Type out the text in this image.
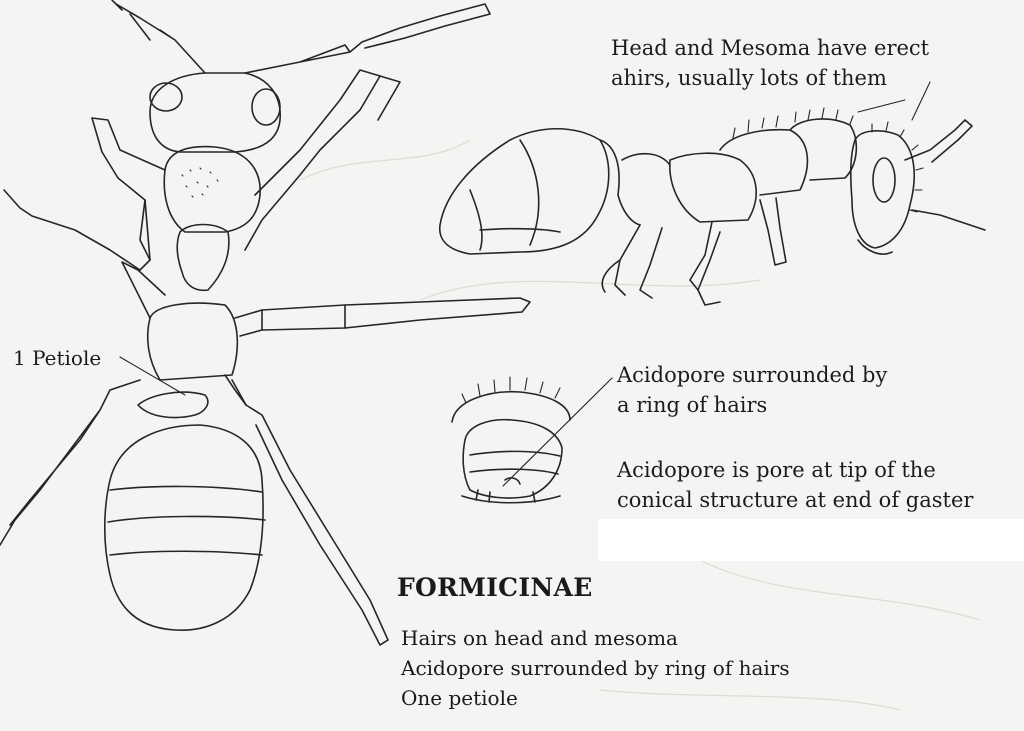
Head and Mesoma have erect
ahirs, usually lots of them

1 Petiole

Acidopore surrounded by
a ring of hairs

Acidopore is pore at tip of the
conical structure at end of gaster

FORMICINAE
Hairs on head and mesoma
Acidopore surrounded by ring of hairs
One petiole
